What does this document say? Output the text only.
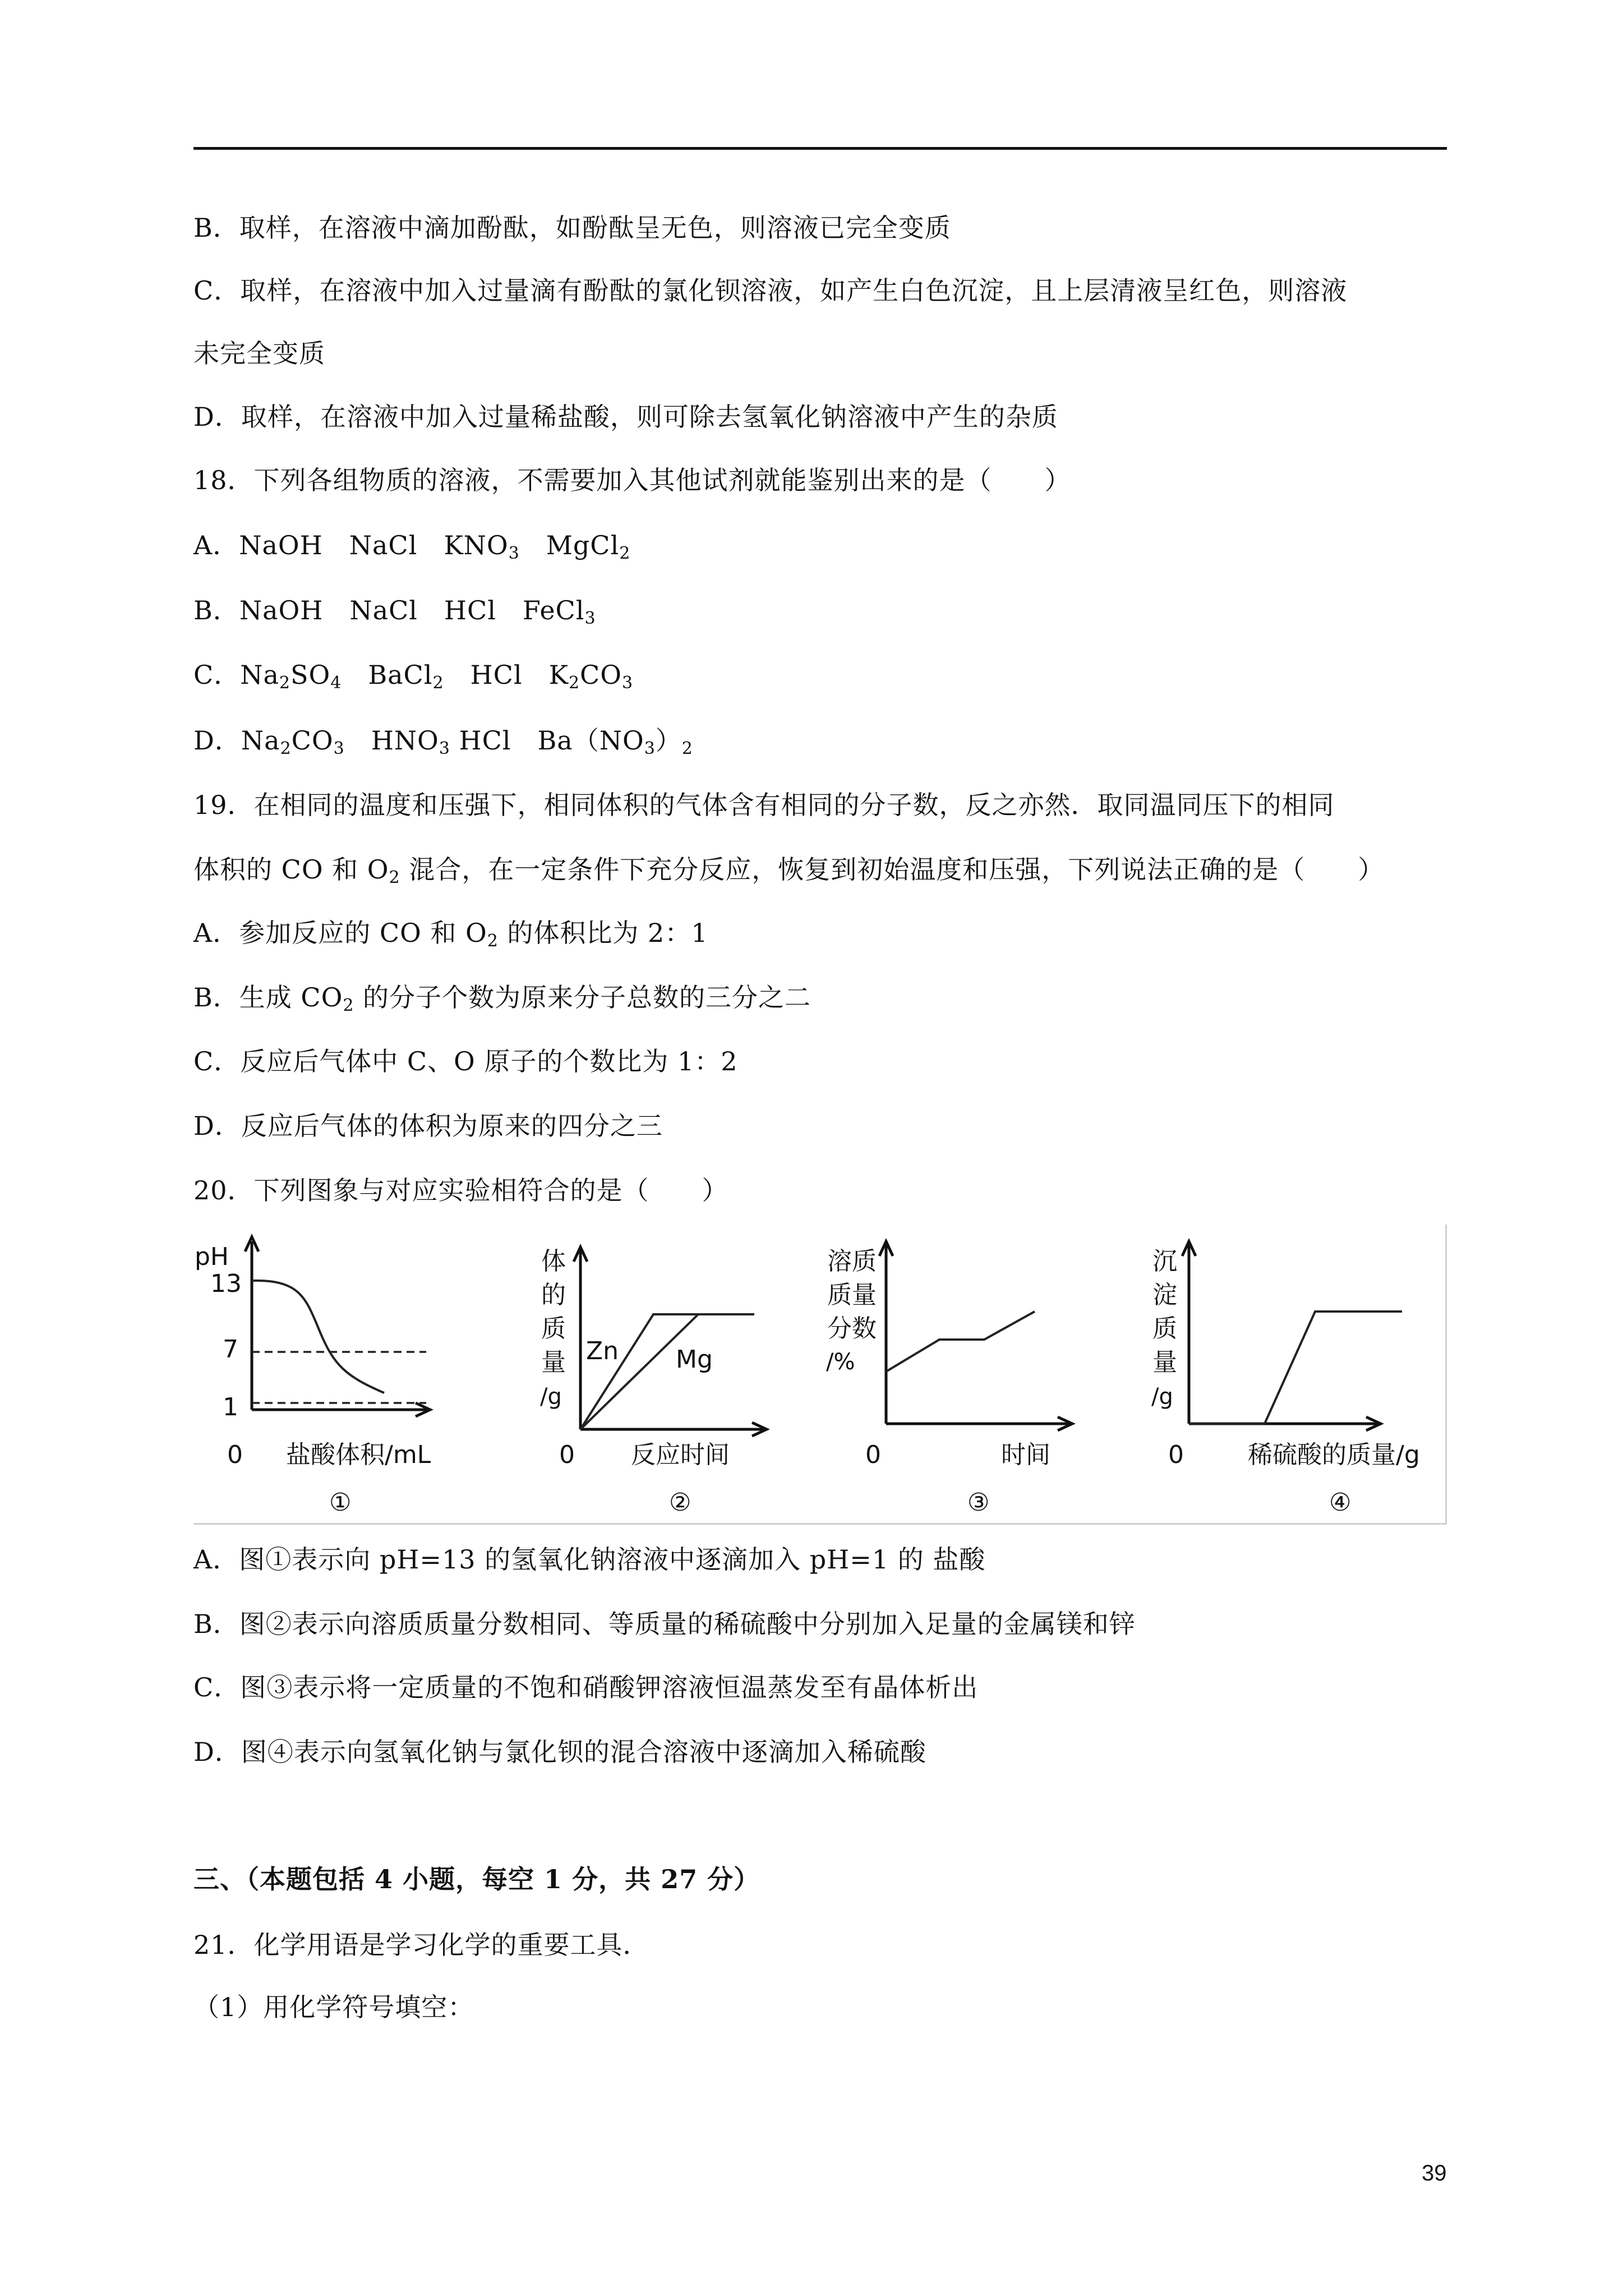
B．取样，在溶液中滴加酚酞，如酚酞呈无色，则溶液已完全变质
C．取样，在溶液中加入过量滴有酚酞的氯化钡溶液，如产生白色沉淀，且上层清液呈红色，则溶液
未完全变质
D．取样，在溶液中加入过量稀盐酸，则可除去氢氧化钠溶液中产生的杂质
18．下列各组物质的溶液，不需要加入其他试剂就能鉴别出来的是（　　）
A．NaOH　NaCl　$KNO_3$　MgCl$_2$
B．NaOH　NaCl　HCl　FeCl$_3$
C．$Na_2SO_4$　BaCl$_2$　HCl　$K_2CO_3$
D．$Na_2CO_3$　$HNO_3$ HCl　$Ba(NO_3)_2$
19．在相同的温度和压强下，相同体积的气体含有相同的分子数，反之亦然．取同温同压下的相同
体积的 CO 和 $O_2$ 混合，在一定条件下充分反应，恢复到初始温度和压强，下列说法正确的是（　　）
A．参加反应的 CO 和 $O_2$ 的体积比为 2：1
B．生成 $CO_2$ 的分子个数为原来分子总数的三分之二
C．反应后气体中 C、O 原子的个数比为 1：2
D．反应后气体的体积为原来的四分之三
20．下列图象与对应实验相符合的是（　　）
pH
13
7
1
0 盐酸体积/mL
①
体
的
质
量
/g
Zn Mg
0 反应时间
②
溶质
质量
分数
/%
0	时间
③
沉
淀
质
量
/g
0	稀硫酸的质量/g
④
A．图①表示向 pH=13 的氢氧化钠溶液中逐滴加入 pH=1 的 盐酸
B．图②表示向溶质质量分数相同、等质量的稀硫酸中分别加入足量的金属镁和锌
C．图③表示将一定质量的不饱和硝酸钾溶液恒温蒸发至有晶体析出
D．图④表示向氢氧化钠与氯化钡的混合溶液中逐滴加入稀硫酸
三、（本题包括 4 小题，每空 1 分，共 27 分）
21．化学用语是学习化学的重要工具．
（1）用化学符号填空：
39
